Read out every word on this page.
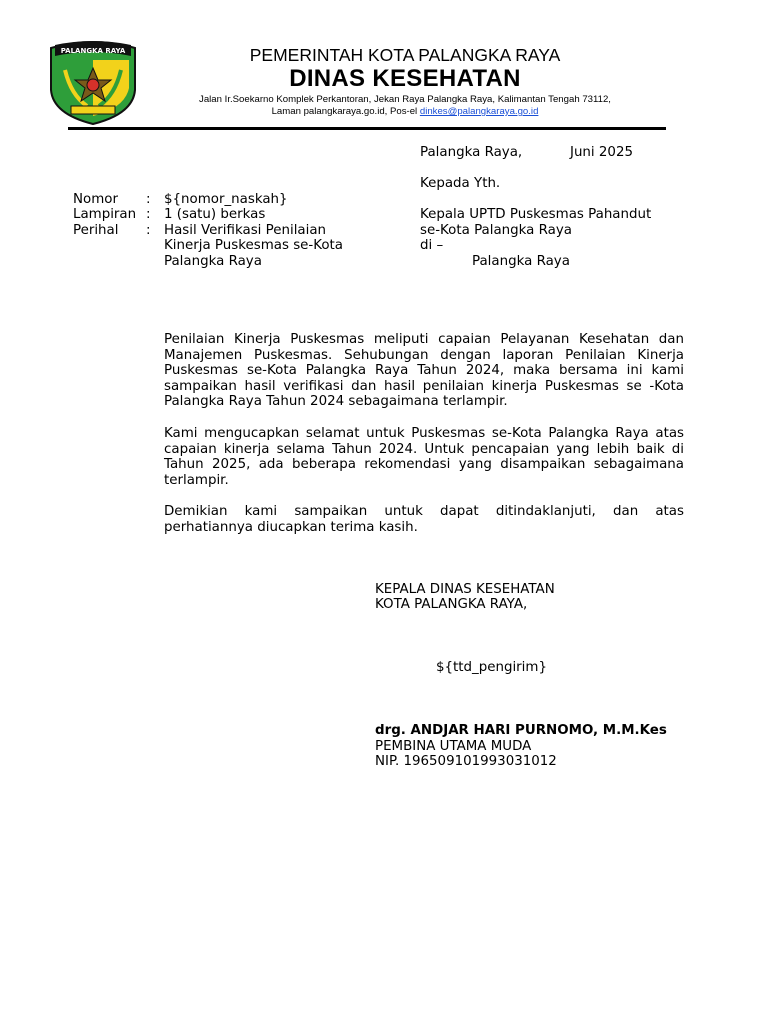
PALANGKA RAYA	PEMERINTAH KOTA PALANGKA RAYA
DINAS KESEHATAN
Jalan Ir.Soekarno Komplek Perkantoran, Jekan Raya Palangka Raya, Kalimantan Tengah 73112,
Laman palangkaraya.go.id, Pos-el dinkes@palangkaraya.go.id
Palangka Raya,	Juni 2025
Kepada Yth.
Kepala UPTD Puskesmas Pahandut
se-Kota Palangka Raya
di –
Palangka Raya
Nomor : ${nomor_naskah}
Lampiran : 1 (satu) berkas
Perihal : Hasil Verifikasi Penilaian
Kinerja Puskesmas se-Kota
Palangka Raya
Penilaian Kinerja Puskesmas meliputi capaian Pelayanan Kesehatan dan Manajemen Puskesmas. Sehubungan dengan laporan Penilaian Kinerja Puskesmas se-Kota Palangka Raya Tahun 2024, maka bersama ini kami sampaikan hasil verifikasi dan hasil penilaian kinerja Puskesmas se -Kota Palangka Raya Tahun 2024 sebagaimana terlampir.
Kami mengucapkan selamat untuk Puskesmas se-Kota Palangka Raya atas capaian kinerja selama Tahun 2024. Untuk pencapaian yang lebih baik di Tahun 2025, ada beberapa rekomendasi yang disampaikan sebagaimana terlampir.
Demikian kami sampaikan untuk dapat ditindaklanjuti, dan atas perhatiannya diucapkan terima kasih.
KEPALA DINAS KESEHATAN
KOTA PALANGKA RAYA,
${ttd_pengirim}
drg. ANDJAR HARI PURNOMO, M.M.Kes
PEMBINA UTAMA MUDA
NIP. 196509101993031012
